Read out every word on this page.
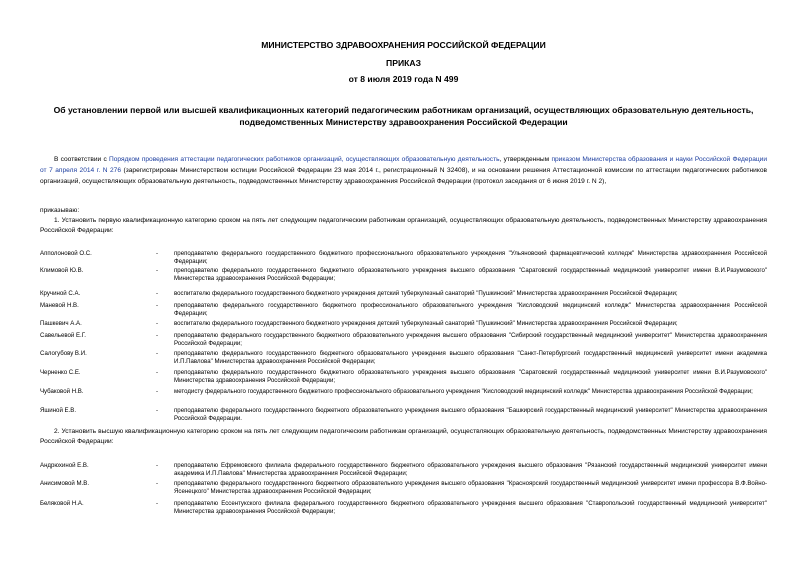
МИНИСТЕРСТВО ЗДРАВООХРАНЕНИЯ РОССИЙСКОЙ ФЕДЕРАЦИИ
ПРИКАЗ
от 8 июля 2019 года N 499
Об установлении первой или высшей квалификационных категорий педагогическим работникам организаций, осуществляющих образовательную деятельность, подведомственных Министерству здравоохранения Российской Федерации
В соответствии с Порядком проведения аттестации педагогических работников организаций, осуществляющих образовательную деятельность, утвержденным приказом Министерства образования и науки Российской Федерации от 7 апреля 2014 г. N 276 (зарегистрирован Министерством юстиции Российской Федерации 23 мая 2014 г., регистрационный N 32408), и на основании решения Аттестационной комиссии по аттестации педагогических работников организаций, осуществляющих образовательную деятельность, подведомственных Министерству здравоохранения Российской Федерации (протокол заседания от 6 июня 2019 г. N 2),
приказываю:
1. Установить первую квалификационную категорию сроком на пять лет следующим педагогическим работникам организаций, осуществляющих образовательную деятельность, подведомственных Министерству здравоохранения Российской Федерации:
Апполоновой О.С.	-	преподавателю федерального государственного бюджетного профессионального образовательного учреждения "Ульяновский фармацевтический колледж" Министерства здравоохранения Российской Федерации;
Климовой Ю.В.	-	преподавателю федерального государственного бюджетного образовательного учреждения высшего образования "Саратовский государственный медицинский университет имени В.И.Разумовского" Министерства здравоохранения Российской Федерации;
Кручиной С.А.	-	воспитателю федерального государственного бюджетного учреждения детский туберкулезный санаторий "Пушкинский" Министерства здравоохранения Российской Федерации;
Маневой Н.В.	-	преподавателю федерального государственного бюджетного профессионального образовательного учреждения "Кисловодский медицинский колледж" Министерства здравоохранения Российской Федерации;
Пашкевич А.А.	-	воспитателю федерального государственного бюджетного учреждения детский туберкулезный санаторий "Пушкинский" Министерства здравоохранения Российской Федерации;
Савельевой Е.Г.	-	преподавателю федерального государственного бюджетного образовательного учреждения высшего образования "Сибирский государственный медицинский университет" Министерства здравоохранения Российской Федерации;
Салогубову В.И.	-	преподавателю федерального государственного бюджетного образовательного учреждения высшего образования "Санкт-Петербургский государственный медицинский университет имени академика И.П.Павлова" Министерства здравоохранения Российской Федерации;
Черненко С.Е.	-	преподавателю федерального государственного бюджетного образовательного учреждения высшего образования "Саратовский государственный медицинский университет имени В.И.Разумовского" Министерства здравоохранения Российской Федерации;
Чубаковой Н.В.	-	методисту федерального государственного бюджетного профессионального образовательного учреждения "Кисловодский медицинский колледж" Министерства здравоохранения Российской Федерации;
Яшиной Е.В.	-	преподавателю федерального государственного бюджетного образовательного учреждения высшего образования "Башкирский государственный медицинский университет" Министерства здравоохранения Российской Федерации.
2. Установить высшую квалификационную категорию сроком на пять лет следующим педагогическим работникам организаций, осуществляющих образовательную деятельность, подведомственных Министерству здравоохранения Российской Федерации:
Андрюхиной Е.В.	-	преподавателю Ефремовского филиала федерального государственного бюджетного образовательного учреждения высшего образования "Рязанский государственный медицинский университет имени академика И.П.Павлова" Министерства здравоохранения Российской Федерации;
Анисимовой М.В.	-	преподавателю федерального государственного бюджетного образовательного учреждения высшего образования "Красноярский государственный медицинский университет имени профессора В.Ф.Войно-Ясенецкого" Министерства здравоохранения Российской Федерации;
Беляковой Н.А.	-	преподавателю Ессентукского филиала федерального государственного бюджетного образовательного учреждения высшего образования "Ставропольский государственный медицинский университет" Министерства здравоохранения Российской Федерации;
